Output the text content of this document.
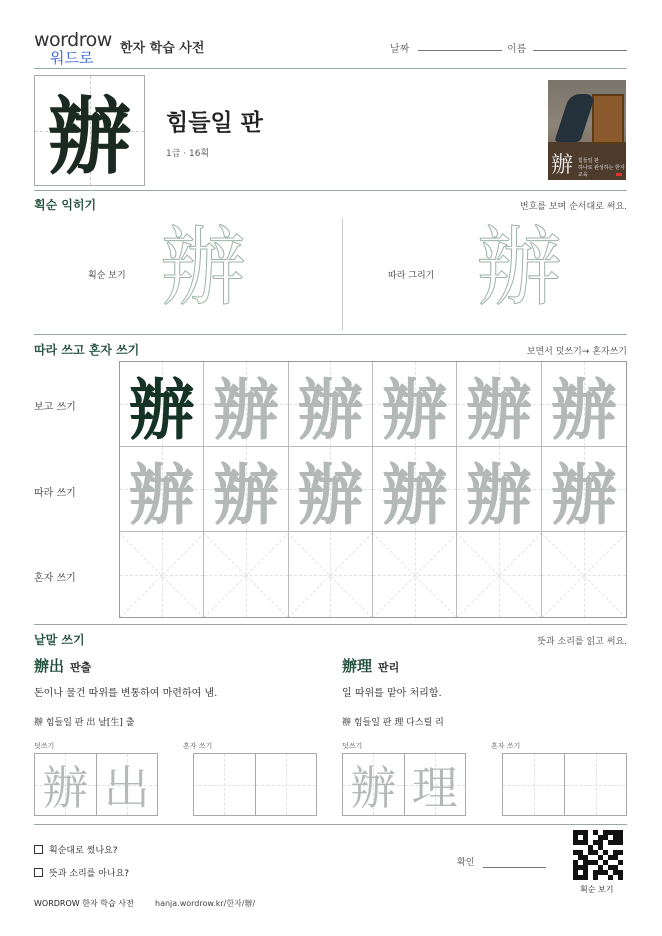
wordrow
워드로
한자 학습 사전	날짜	이름
辦	힘들일 판
1급 · 16획	辦 힘들일 판
하나로 완성하는 한자 교육
획순 익히기	번호를 보며 순서대로 써요.
획순 보기 辦	따라 그리기 辦
따라 쓰고 혼자 쓰기	보면서 덧쓰기→ 혼자쓰기
보고 쓰기
따라 쓰기
혼자 쓰기
辦 辦 辦 辦 辦 辦
辦 辦 辦 辦 辦 辦
낱말 쓰기	뜻과 소리를 읽고 써요.
辦出 판출
돈이나 물건 따위를 변통하여 마련하여 냄.
辦 힘들일 판 出 날[生] 출
덧쓰기	혼자 쓰기
辦 出
辦理 판리
일 따위를 맡아 처리함.
辦 힘들일 판 理 다스릴 리
덧쓰기	혼자 쓰기
辦 理
획순대로 썼나요?
뜻과 소리를 아나요?
확인
획순 보기
WORDROW 한자 학습 사전	hanja.wordrow.kr/한자/辦/
